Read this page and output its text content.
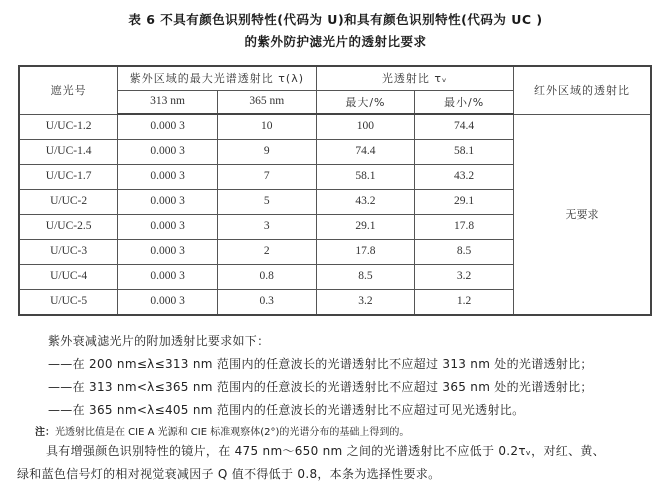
表 6 不具有颜色识别特性(代码为 U)和具有颜色识别特性(代码为 UC )
的紫外防护滤光片的透射比要求
遮光号	紫外区域的最大光谱透射比 τ(λ)		光透射比 τᵥ		红外区域的透射比
	313 nm	365 nm	最大/%	最小/%	
U/UC-1.2	0.000 3	10	100	74.4	无要求
U/UC-1.4	0.000 3	9	74.4	58.1	
U/UC-1.7	0.000 3	7	58.1	43.2	
U/UC-2	0.000 3	5	43.2	29.1	
U/UC-2.5	0.000 3	3	29.1	17.8	
U/UC-3	0.000 3	2	17.8	8.5	
U/UC-4	0.000 3	0.8	8.5	3.2	
U/UC-5	0.000 3	0.3	3.2	1.2	
紫外衰减滤光片的附加透射比要求如下：
——在 200 nm≤λ≤313 nm 范围内的任意波长的光谱透射比不应超过 313 nm 处的光谱透射比；
——在 313 nm<λ≤365 nm 范围内的任意波长的光谱透射比不应超过 365 nm 处的光谱透射比；
——在 365 nm<λ≤405 nm 范围内的任意波长的光谱透射比不应超过可见光透射比。
注：光透射比值是在 CIE A 光源和 CIE 标准观察体(2°)的光谱分布的基础上得到的。
具有增强颜色识别特性的镜片，在 475 nm～650 nm 之间的光谱透射比不应低于 0.2τᵥ，对红、黄、
绿和蓝色信号灯的相对视觉衰减因子 Q 值不得低于 0.8，本条为选择性要求。
